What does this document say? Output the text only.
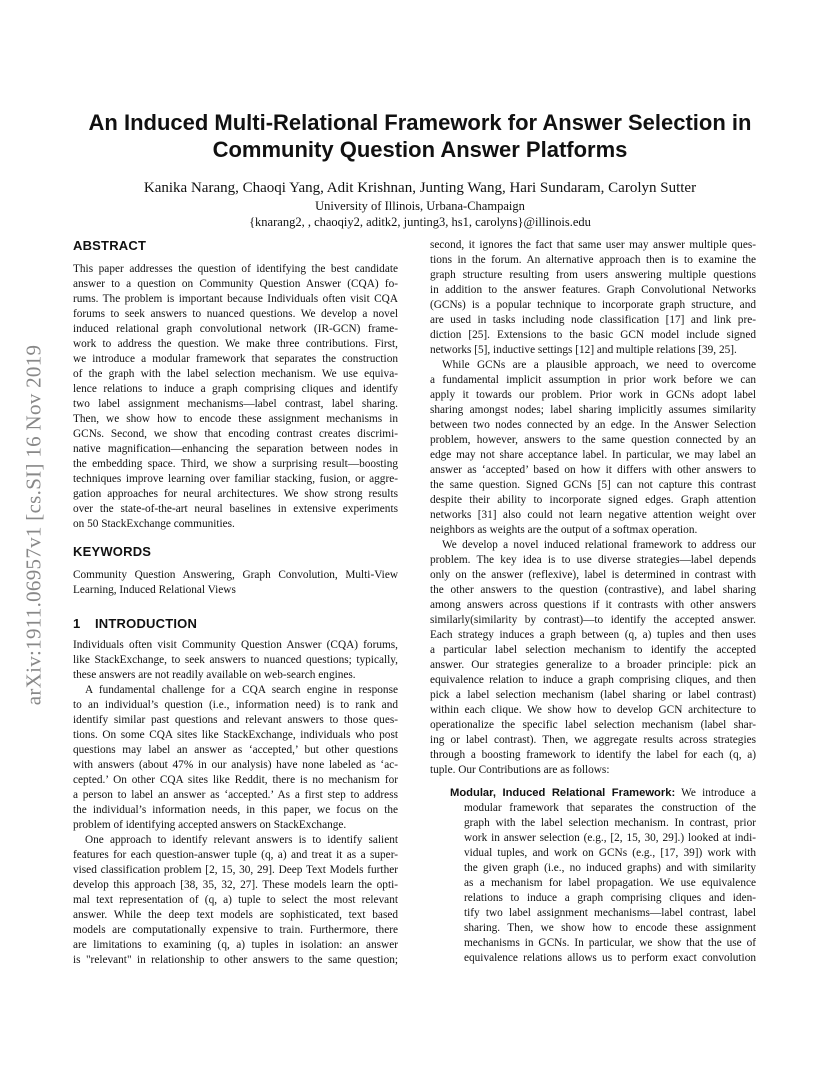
arXiv:1911.06957v1 [cs.SI] 16 Nov 2019
An Induced Multi-Relational Framework for Answer Selection in
Community Question Answer Platforms
Kanika Narang, Chaoqi Yang, Adit Krishnan, Junting Wang, Hari Sundaram, Carolyn Sutter
University of Illinois, Urbana-Champaign
{knarang2, , chaoqiy2, aditk2, junting3, hs1, carolyns}@illinois.edu
ABSTRACT
This paper addresses the question of identifying the best candidate
answer to a question on Community Question Answer (CQA) fo-
rums. The problem is important because Individuals often visit CQA
forums to seek answers to nuanced questions. We develop a novel
induced relational graph convolutional network (IR-GCN) frame-
work to address the question. We make three contributions. First,
we introduce a modular framework that separates the construction
of the graph with the label selection mechanism. We use equiva-
lence relations to induce a graph comprising cliques and identify
two label assignment mechanisms—label contrast, label sharing.
Then, we show how to encode these assignment mechanisms in
GCNs. Second, we show that encoding contrast creates discrimi-
native magnification—enhancing the separation between nodes in
the embedding space. Third, we show a surprising result—boosting
techniques improve learning over familiar stacking, fusion, or aggre-
gation approaches for neural architectures. We show strong results
over the state-of-the-art neural baselines in extensive experiments
on 50 StackExchange communities.
KEYWORDS
Community Question Answering, Graph Convolution, Multi-View
Learning, Induced Relational Views
1 INTRODUCTION
Individuals often visit Community Question Answer (CQA) forums,
like StackExchange, to seek answers to nuanced questions; typically,
these answers are not readily available on web-search engines.
A fundamental challenge for a CQA search engine in response
to an individual’s question (i.e., information need) is to rank and
identify similar past questions and relevant answers to those ques-
tions. On some CQA sites like StackExchange, individuals who post
questions may label an answer as ‘accepted,’ but other questions
with answers (about 47% in our analysis) have none labeled as ‘ac-
cepted.’ On other CQA sites like Reddit, there is no mechanism for
a person to label an answer as ‘accepted.’ As a first step to address
the individual’s information needs, in this paper, we focus on the
problem of identifying accepted answers on StackExchange.
One approach to identify relevant answers is to identify salient
features for each question-answer tuple (q, a) and treat it as a super-
vised classification problem [2, 15, 30, 29]. Deep Text Models further
develop this approach [38, 35, 32, 27]. These models learn the opti-
mal text representation of (q, a) tuple to select the most relevant
answer. While the deep text models are sophisticated, text based
models are computationally expensive to train. Furthermore, there
are limitations to examining (q, a) tuples in isolation: an answer
is "relevant" in relationship to other answers to the same question;
second, it ignores the fact that same user may answer multiple ques-
tions in the forum. An alternative approach then is to examine the
graph structure resulting from users answering multiple questions
in addition to the answer features. Graph Convolutional Networks
(GCNs) is a popular technique to incorporate graph structure, and
are used in tasks including node classification [17] and link pre-
diction [25]. Extensions to the basic GCN model include signed
networks [5], inductive settings [12] and multiple relations [39, 25].
While GCNs are a plausible approach, we need to overcome
a fundamental implicit assumption in prior work before we can
apply it towards our problem. Prior work in GCNs adopt label
sharing amongst nodes; label sharing implicitly assumes similarity
between two nodes connected by an edge. In the Answer Selection
problem, however, answers to the same question connected by an
edge may not share acceptance label. In particular, we may label an
answer as ‘accepted’ based on how it differs with other answers to
the same question. Signed GCNs [5] can not capture this contrast
despite their ability to incorporate signed edges. Graph attention
networks [31] also could not learn negative attention weight over
neighbors as weights are the output of a softmax operation.
We develop a novel induced relational framework to address our
problem. The key idea is to use diverse strategies—label depends
only on the answer (reflexive), label is determined in contrast with
the other answers to the question (contrastive), and label sharing
among answers across questions if it contrasts with other answers
similarly(similarity by contrast)—to identify the accepted answer.
Each strategy induces a graph between (q, a) tuples and then uses
a particular label selection mechanism to identify the accepted
answer. Our strategies generalize to a broader principle: pick an
equivalence relation to induce a graph comprising cliques, and then
pick a label selection mechanism (label sharing or label contrast)
within each clique. We show how to develop GCN architecture to
operationalize the specific label selection mechanism (label shar-
ing or label contrast). Then, we aggregate results across strategies
through a boosting framework to identify the label for each (q, a)
tuple. Our Contributions are as follows:
Modular, Induced Relational Framework: We introduce a
modular framework that separates the construction of the
graph with the label selection mechanism. In contrast, prior
work in answer selection (e.g., [2, 15, 30, 29].) looked at indi-
vidual tuples, and work on GCNs (e.g., [17, 39]) work with
the given graph (i.e., no induced graphs) and with similarity
as a mechanism for label propagation. We use equivalence
relations to induce a graph comprising cliques and iden-
tify two label assignment mechanisms—label contrast, label
sharing. Then, we show how to encode these assignment
mechanisms in GCNs. In particular, we show that the use of
equivalence relations allows us to perform exact convolution
